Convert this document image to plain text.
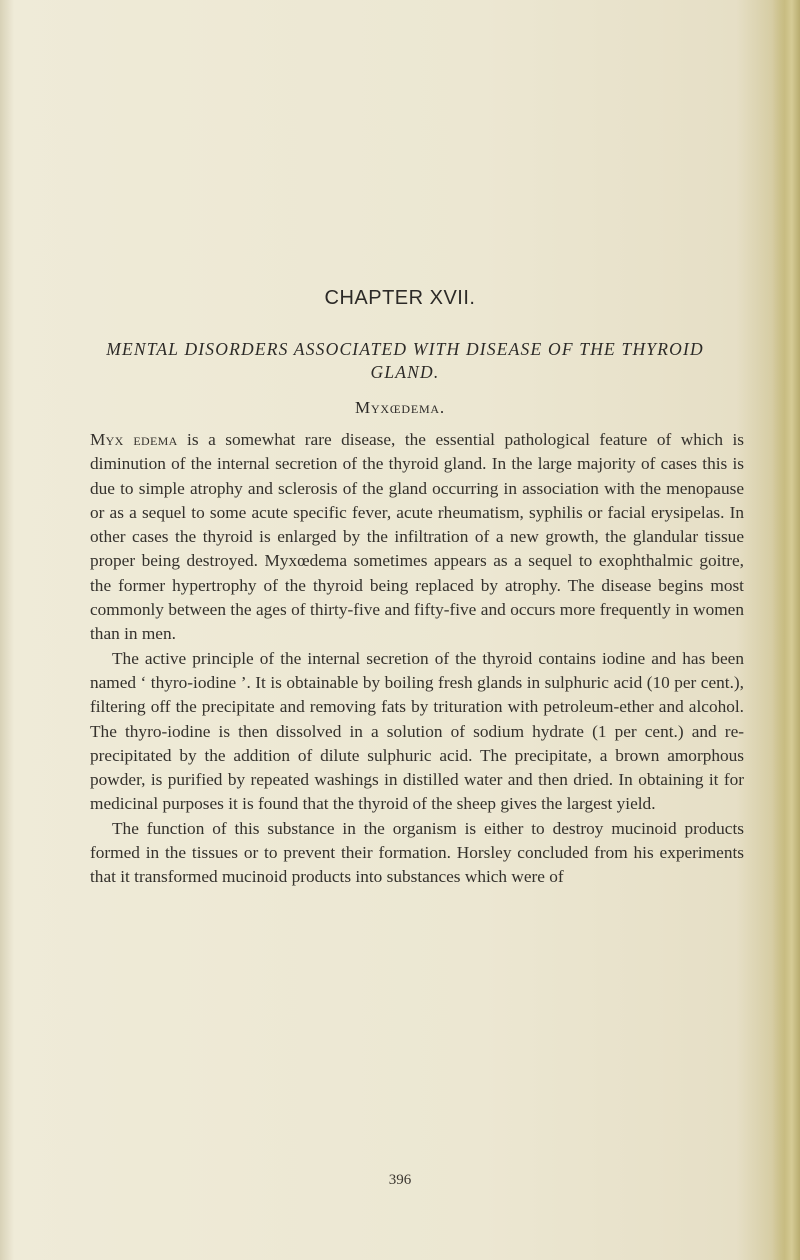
CHAPTER XVII.
MENTAL DISORDERS ASSOCIATED WITH DISEASE OF THE THYROID GLAND.
Myxœdema.

Myx edema is a somewhat rare disease, the essential pathological feature of which is diminution of the internal secretion of the thyroid gland. In the large majority of cases this is due to simple atrophy and sclerosis of the gland occurring in association with the menopause or as a sequel to some acute specific fever, acute rheumatism, syphilis or facial erysipelas. In other cases the thyroid is enlarged by the infiltration of a new growth, the glandular tissue proper being destroyed. Myxœdema sometimes appears as a sequel to exophthalmic goitre, the former hypertrophy of the thyroid being replaced by atrophy. The disease begins most commonly between the ages of thirty-five and fifty-five and occurs more frequently in women than in men.

The active principle of the internal secretion of the thyroid contains iodine and has been named ‘ thyro-iodine ’. It is obtainable by boiling fresh glands in sulphuric acid (10 per cent.), filtering off the precipitate and removing fats by trituration with petroleum-ether and alcohol. The thyro-iodine is then dissolved in a solution of sodium hydrate (1 per cent.) and re-precipitated by the addition of dilute sulphuric acid. The precipitate, a brown amorphous powder, is purified by repeated washings in distilled water and then dried. In obtaining it for medicinal purposes it is found that the thyroid of the sheep gives the largest yield.

The function of this substance in the organism is either to destroy mucinoid products formed in the tissues or to prevent their formation. Horsley concluded from his experiments that it transformed mucinoid products into substances which were of

396
